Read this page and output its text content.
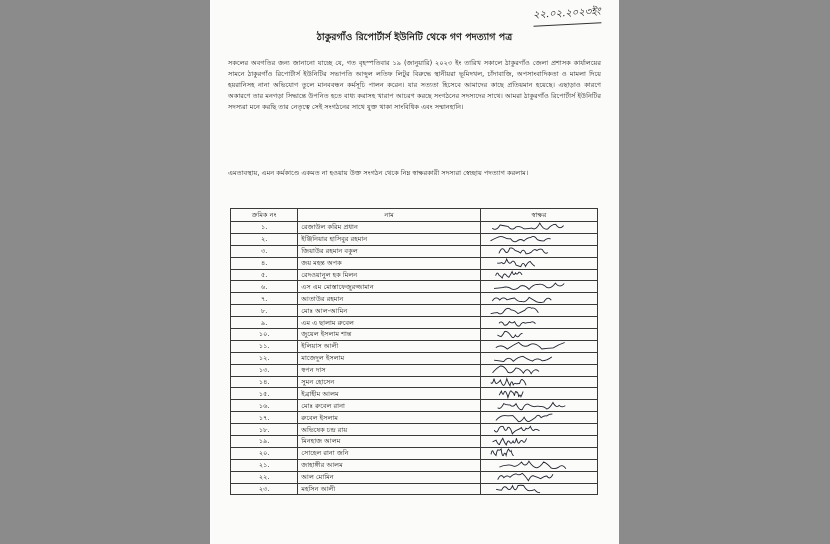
২২.০২.২০২৩ইং
ঠাকুরগাঁও রিপোর্টার্স ইউনিটি থেকে গণ পদত্যাগ পত্র

সকলের অবগতির জন্য জানানো যাচ্ছে যে, গত বৃহস্পতিবার ১৯ (জানুয়ারি) ২০২৩ ইং তারিখ সকালে ঠাকুরগাঁও জেলা প্রশাসক কার্যালয়ের সামনে ঠাকুরগাঁও রিপোর্টার্স ইউনিটির সভাপতি আব্দুল লতিফ লিটুর বিরুদ্ধে স্থানীয়রা ভূমিদখল, চাঁদাবাজি, অপসাংবাদিকতা ও মামলা দিয়ে হয়রানিসহ নানা অভিযোগ তুলে মানববন্ধন কর্মসূচি পালন করেন। যার সত্যতা হিসেবে আমাদের কাছে প্রতিয়মান হয়েছে। এছাড়াও কারণে অকারণে তার মনগড়া সিদ্ধান্তে উপনিত হতে বাধ্য করাসহ খারাপ আচরণ করছে সংগঠনের সদস্যদের সাথে। আমরা ঠাকুরগাঁও রিপোর্টার্স ইউনিটির সদস্যরা মনে করছি তার নেতৃত্বে সেই সংগঠনের সাথে যুক্ত থাকা সাংবিধিক এবং সম্মানহানি।

এমতাবস্থায়, এমন কর্মকাণ্ডে একমত না হওয়ায় উক্ত সংগঠন থেকে নিম্ন স্বাক্ষরকারী সদস্যরা স্বেচ্ছায় পদত্যাগ করলাম।

ক্রমিক নং	নাম	স্বাক্ষর
১.	রেজাউল করিম প্রধান	

২.	ইঞ্জিনিয়ার হাসিবুর রহমান	

৩.	জিয়াউর রহমান বকুল	

৪.	জয় মহন্ত অপক	

৫.	রেদওয়ানুল হক মিলন	

৬.	এস এম মোস্তাফেজুরজ্জামান	

৭.	আতাউর রহমান	

৮.	মোঃ আল-আমিন	

৯.	এম এ ছালাম রুবেল	

১০.	জুয়েল ইসলাম শান্ত	

১১.	ইলিয়াস আলী	

১২.	মাজেদুল ইসলাম	

১৩.	স্বপন দাস	

১৪.	সুমন হোসেন	

১৫.	ইব্রাহীম আলম	

১৬.	মোঃ রুবেল রানা	

১৭.	রুবেল ইসলাম	

১৮.	অভিষেক চন্দ্র রায়	

১৯.	মিনহাজ আলম	

২০.	সোহেল রানা জনি	

২১.	জাহাঙ্গীর আলম	

২২.	আল মোমিন	

২৩.	মহসিন আলী	
